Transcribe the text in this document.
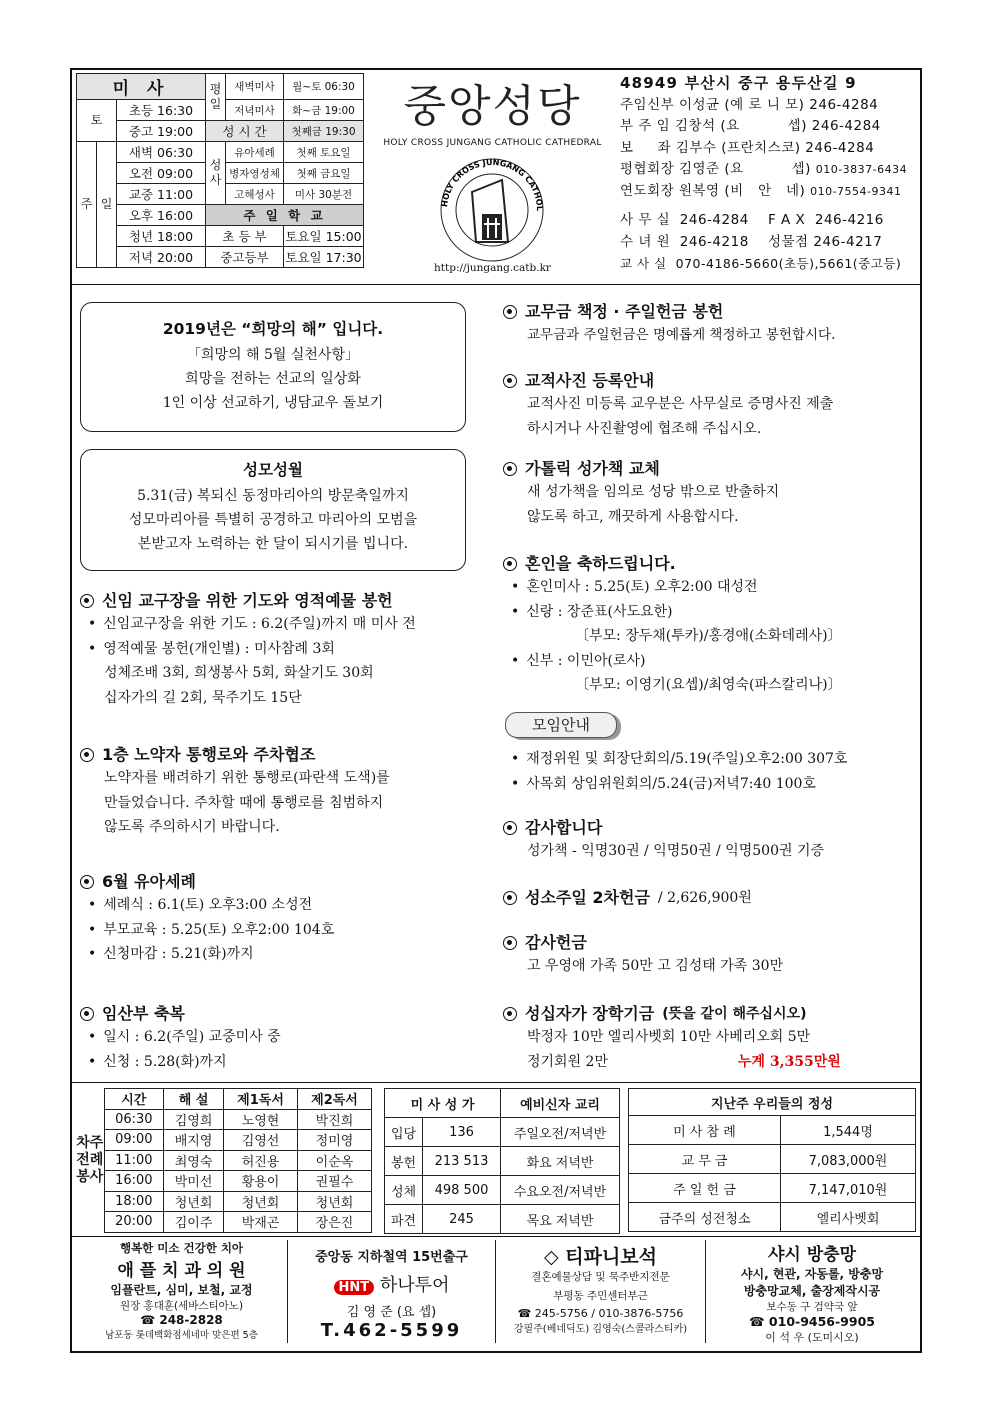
미 사			평일	새벽미사	월~토 06:30
토		초등 16:30		저녁미사	화~금 19:00
		중고 19:00	성 시 간		첫째금 19:30
주	일	새벽 06:30	성사	유아세례	첫째 토요일
		오전 09:00		병자영성체	첫째 금요일
		교중 11:00		고해성사	미사 30분전
		오후 16:00	주 일 학 교		
		청년 18:00	초 등 부		토요일 15:00
		저녁 20:00	중고등부		토요일 17:30
중앙성당
HOLY CROSS JUNGANG CATHOLIC CATHEDRAL
HOLY CROSS JUNGANG CATHOL
http://jungang.catb.kr
48949 부산시 중구 용두산길 9
주임신부 이성균 (예 로 니 모) 246-4284
부 주 임 김창석 (요          셉) 246-4284
보     좌 김부수 (프란치스코) 246-4284
평협회장 김영준 (요          셉) 010-3837-6434
연도회장 원복영 (비   안   네) 010-7554-9341
사 무 실  246-4284    F A X  246-4216
수 녀 원  246-4218    성물점 246-4217
교 사 실  070-4186-5660(초등),5661(중고등)
2019년은 “희망의 해” 입니다.
「희망의 해 5월 실천사항」
희망을 전하는 선교의 일상화
1인 이상 선교하기, 냉담교우 돌보기
성모성월
5.31(금) 복되신 동정마리아의 방문축일까지
성모마리아를 특별히 공경하고 마리아의 모범을
본받고자 노력하는 한 달이 되시기를 빕니다.
신임 교구장을 위한 기도와 영적예물 봉헌
• 신임교구장을 위한 기도 : 6.2(주일)까지 매 미사 전
• 영적예물 봉헌(개인별) : 미사참례 3회
성체조배 3회, 희생봉사 5회, 화살기도 30회
십자가의 길 2회, 묵주기도 15단
1층 노약자 통행로와 주차협조
노약자를 배려하기 위한 통행로(파란색 도색)를
만들었습니다. 주차할 때에 통행로를 침범하지
않도록 주의하시기 바랍니다.
6월 유아세례
• 세례식 : 6.1(토) 오후3:00 소성전
• 부모교육 : 5.25(토) 오후2:00 104호
• 신청마감 : 5.21(화)까지
임산부 축복
• 일시 : 6.2(주일) 교중미사 중
• 신청 : 5.28(화)까지
교무금 책정 · 주일헌금 봉헌
교무금과 주일헌금은 명예롭게 책정하고 봉헌합시다.
교적사진 등록안내
교적사진 미등록 교우분은 사무실로 증명사진 제출
하시거나 사진촬영에 협조해 주십시오.
가톨릭 성가책 교체
새 성가책을 임의로 성당 밖으로 반출하지
않도록 하고, 깨끗하게 사용합시다.
혼인을 축하드립니다.
• 혼인미사 : 5.25(토) 오후2:00 대성전
• 신랑 : 장준표(사도요한)
〔부모: 장두채(투카)/홍경애(소화데레사)〕
• 신부 : 이민아(로사)
〔부모: 이영기(요셉)/최영숙(파스칼리나)〕
모임안내
• 재정위원 및 회장단회의/5.19(주일)오후2:00 307호
• 사목회 상임위원회의/5.24(금)저녁7:40 100호
감사합니다
성가책 - 익명30권 / 익명50권 / 익명500권 기증
성소주일 2차헌금 / 2,626,900원
감사헌금
고 우영애 가족 50만 고 김성태 가족 30만
성십자가 장학기금 (뜻을 같이 해주십시오)
박정자 10만 엘리사벳회 10만 사베리오회 5만
정기회원 2만	누계 3,355만원
차주전례봉사	시간	해 설	제1독서	제2독서
	06:30	김영희	노영현	박진희
	09:00	배지영	김영선	정미영
	11:00	최영숙	허진용	이순옥
	16:00	박미선	황용이	권필수
	18:00	청년회	청년회	청년회
	20:00	김이주	박재곤	장은진
미 사 성 가		예비신자 교리
입당	136	주일오전/저녁반
봉헌	213 513	화요 저녁반
성체	498 500	수요오전/저녁반
파견	245	목요 저녁반
지난주 우리들의 정성	
미 사 참 례	1,544명
교 무 금	7,083,000원
주 일 헌 금	7,147,010원
금주의 성전청소	엘리사벳회
행복한 미소 건강한 치아
애 플 치 과 의 원
임플란트, 심미, 보철, 교정
원장 홍대훈(세바스티아노)
☎ 248-2828
남포동 롯데백화점세네마 맞은편 5층
중앙동 지하철역 15번출구
HNT 하나투어
김 영 준 (요 셉)
T.462-5599
◇ 티파니보석
결혼예물상담 및 묵주반지전문
부평동 주민센터부근
☎ 245-5756 / 010-3876-5756
강필주(베네딕도) 김영숙(스콜라스티카)
샤시 방충망
샤시, 현관, 자동롤, 방충망
방충망교체, 출장제작시공
보수동 구 검약국 앞
☎ 010-9456-9905
이 석 우 (도미시오)
